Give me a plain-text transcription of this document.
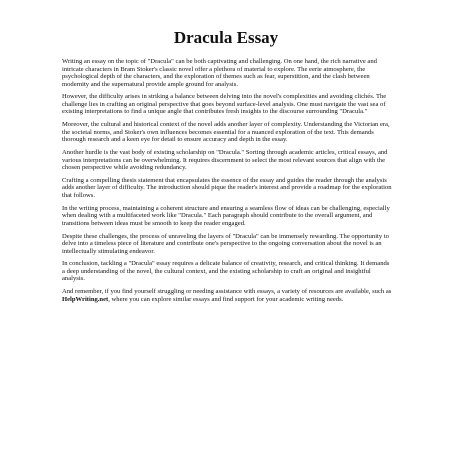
Dracula Essay

Writing an essay on the topic of "Dracula" can be both captivating and challenging. On one hand, the rich narrative and intricate characters in Bram Stoker's classic novel offer a plethora of material to explore. The eerie atmosphere, the psychological depth of the characters, and the exploration of themes such as fear, superstition, and the clash between modernity and the supernatural provide ample ground for analysis.

However, the difficulty arises in striking a balance between delving into the novel's complexities and avoiding clichés. The challenge lies in crafting an original perspective that goes beyond surface-level analysis. One must navigate the vast sea of existing interpretations to find a unique angle that contributes fresh insights to the discourse surrounding "Dracula."

Moreover, the cultural and historical context of the novel adds another layer of complexity. Understanding the Victorian era, the societal norms, and Stoker's own influences becomes essential for a nuanced exploration of the text. This demands thorough research and a keen eye for detail to ensure accuracy and depth in the essay.

Another hurdle is the vast body of existing scholarship on "Dracula." Sorting through academic articles, critical essays, and various interpretations can be overwhelming. It requires discernment to select the most relevant sources that align with the chosen perspective while avoiding redundancy.

Crafting a compelling thesis statement that encapsulates the essence of the essay and guides the reader through the analysis adds another layer of difficulty. The introduction should pique the reader's interest and provide a roadmap for the exploration that follows.

In the writing process, maintaining a coherent structure and ensuring a seamless flow of ideas can be challenging, especially when dealing with a multifaceted work like "Dracula." Each paragraph should contribute to the overall argument, and transitions between ideas must be smooth to keep the reader engaged.

Despite these challenges, the process of unraveling the layers of "Dracula" can be immensely rewarding. The opportunity to delve into a timeless piece of literature and contribute one's perspective to the ongoing conversation about the novel is an intellectually stimulating endeavor.

In conclusion, tackling a "Dracula" essay requires a delicate balance of creativity, research, and critical thinking. It demands a deep understanding of the novel, the cultural context, and the existing scholarship to craft an original and insightful analysis.

And remember, if you find yourself struggling or needing assistance with essays, a variety of resources are available, such as HelpWriting.net, where you can explore similar essays and find support for your academic writing needs.
